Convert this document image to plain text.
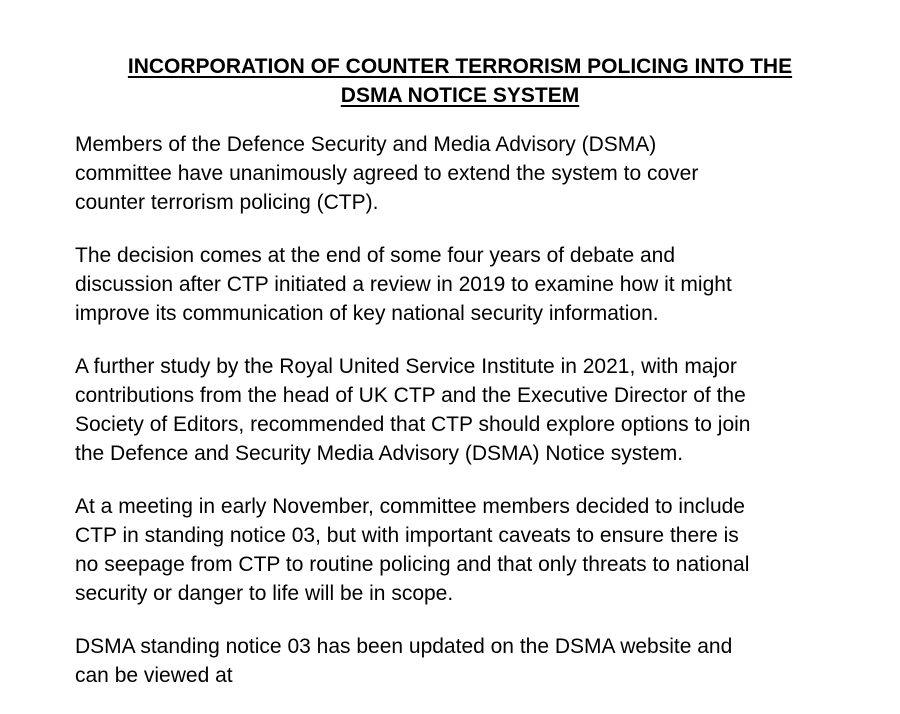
INCORPORATION OF COUNTER TERRORISM POLICING INTO THE
DSMA NOTICE SYSTEM

Members of the Defence Security and Media Advisory (DSMA)
committee have unanimously agreed to extend the system to cover
counter terrorism policing (CTP).

The decision comes at the end of some four years of debate and
discussion after CTP initiated a review in 2019 to examine how it might
improve its communication of key national security information.

A further study by the Royal United Service Institute in 2021, with major
contributions from the head of UK CTP and the Executive Director of the
Society of Editors, recommended that CTP should explore options to join
the Defence and Security Media Advisory (DSMA) Notice system.

At a meeting in early November, committee members decided to include
CTP in standing notice 03, but with important caveats to ensure there is
no seepage from CTP to routine policing and that only threats to national
security or danger to life will be in scope.

DSMA standing notice 03 has been updated on the DSMA website and
can be viewed at
